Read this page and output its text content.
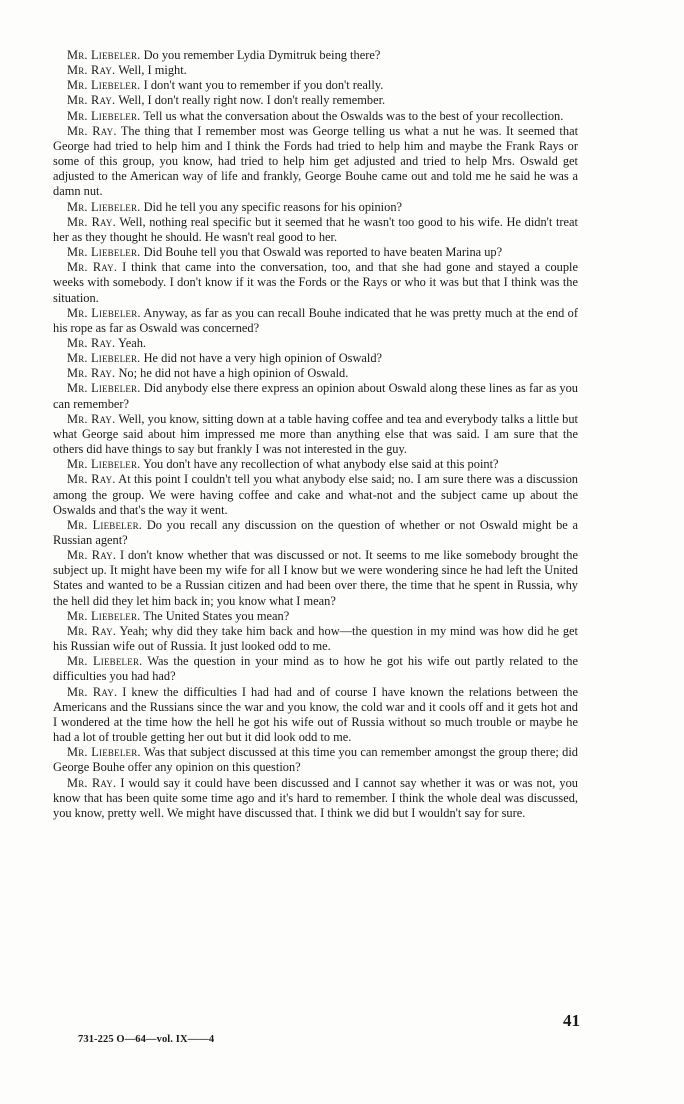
Mr. Liebeler. Do you remember Lydia Dymitruk being there?

Mr. Ray. Well, I might.

Mr. Liebeler. I don't want you to remember if you don't really.

Mr. Ray. Well, I don't really right now. I don't really remember.

Mr. Liebeler. Tell us what the conversation about the Oswalds was to the best of your recollection.

Mr. Ray. The thing that I remember most was George telling us what a nut he was. It seemed that George had tried to help him and I think the Fords had tried to help him and maybe the Frank Rays or some of this group, you know, had tried to help him get adjusted and tried to help Mrs. Oswald get adjusted to the American way of life and frankly, George Bouhe came out and told me he said he was a damn nut.

Mr. Liebeler. Did he tell you any specific reasons for his opinion?

Mr. Ray. Well, nothing real specific but it seemed that he wasn't too good to his wife. He didn't treat her as they thought he should. He wasn't real good to her.

Mr. Liebeler. Did Bouhe tell you that Oswald was reported to have beaten Marina up?

Mr. Ray. I think that came into the conversation, too, and that she had gone and stayed a couple weeks with somebody. I don't know if it was the Fords or the Rays or who it was but that I think was the situation.

Mr. Liebeler. Anyway, as far as you can recall Bouhe indicated that he was pretty much at the end of his rope as far as Oswald was concerned?

Mr. Ray. Yeah.

Mr. Liebeler. He did not have a very high opinion of Oswald?

Mr. Ray. No; he did not have a high opinion of Oswald.

Mr. Liebeler. Did anybody else there express an opinion about Oswald along these lines as far as you can remember?

Mr. Ray. Well, you know, sitting down at a table having coffee and tea and everybody talks a little but what George said about him impressed me more than anything else that was said. I am sure that the others did have things to say but frankly I was not interested in the guy.

Mr. Liebeler. You don't have any recollection of what anybody else said at this point?

Mr. Ray. At this point I couldn't tell you what anybody else said; no. I am sure there was a discussion among the group. We were having coffee and cake and what-not and the subject came up about the Oswalds and that's the way it went.

Mr. Liebeler. Do you recall any discussion on the question of whether or not Oswald might be a Russian agent?

Mr. Ray. I don't know whether that was discussed or not. It seems to me like somebody brought the subject up. It might have been my wife for all I know but we were wondering since he had left the United States and wanted to be a Russian citizen and had been over there, the time that he spent in Russia, why the hell did they let him back in; you know what I mean?

Mr. Liebeler. The United States you mean?

Mr. Ray. Yeah; why did they take him back and how—the question in my mind was how did he get his Russian wife out of Russia. It just looked odd to me.

Mr. Liebeler. Was the question in your mind as to how he got his wife out partly related to the difficulties you had had?

Mr. Ray. I knew the difficulties I had had and of course I have known the relations between the Americans and the Russians since the war and you know, the cold war and it cools off and it gets hot and I wondered at the time how the hell he got his wife out of Russia without so much trouble or maybe he had a lot of trouble getting her out but it did look odd to me.

Mr. Liebeler. Was that subject discussed at this time you can remember amongst the group there; did George Bouhe offer any opinion on this question?

Mr. Ray. I would say it could have been discussed and I cannot say whether it was or was not, you know that has been quite some time ago and it's hard to remember. I think the whole deal was discussed, you know, pretty well. We might have discussed that. I think we did but I wouldn't say for sure.

41
731-225 O—64—vol. IX——4
